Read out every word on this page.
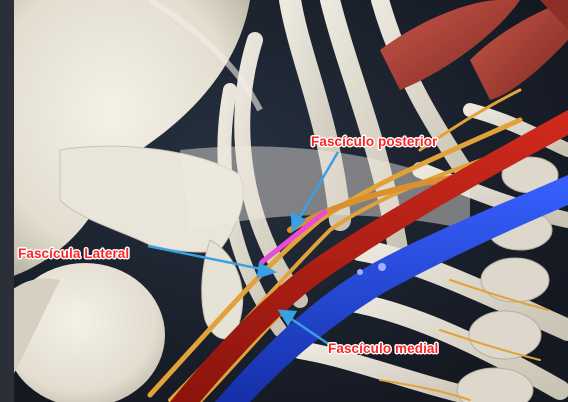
Fascículo posterior
Fascícula Lateral
Fascículo medial
